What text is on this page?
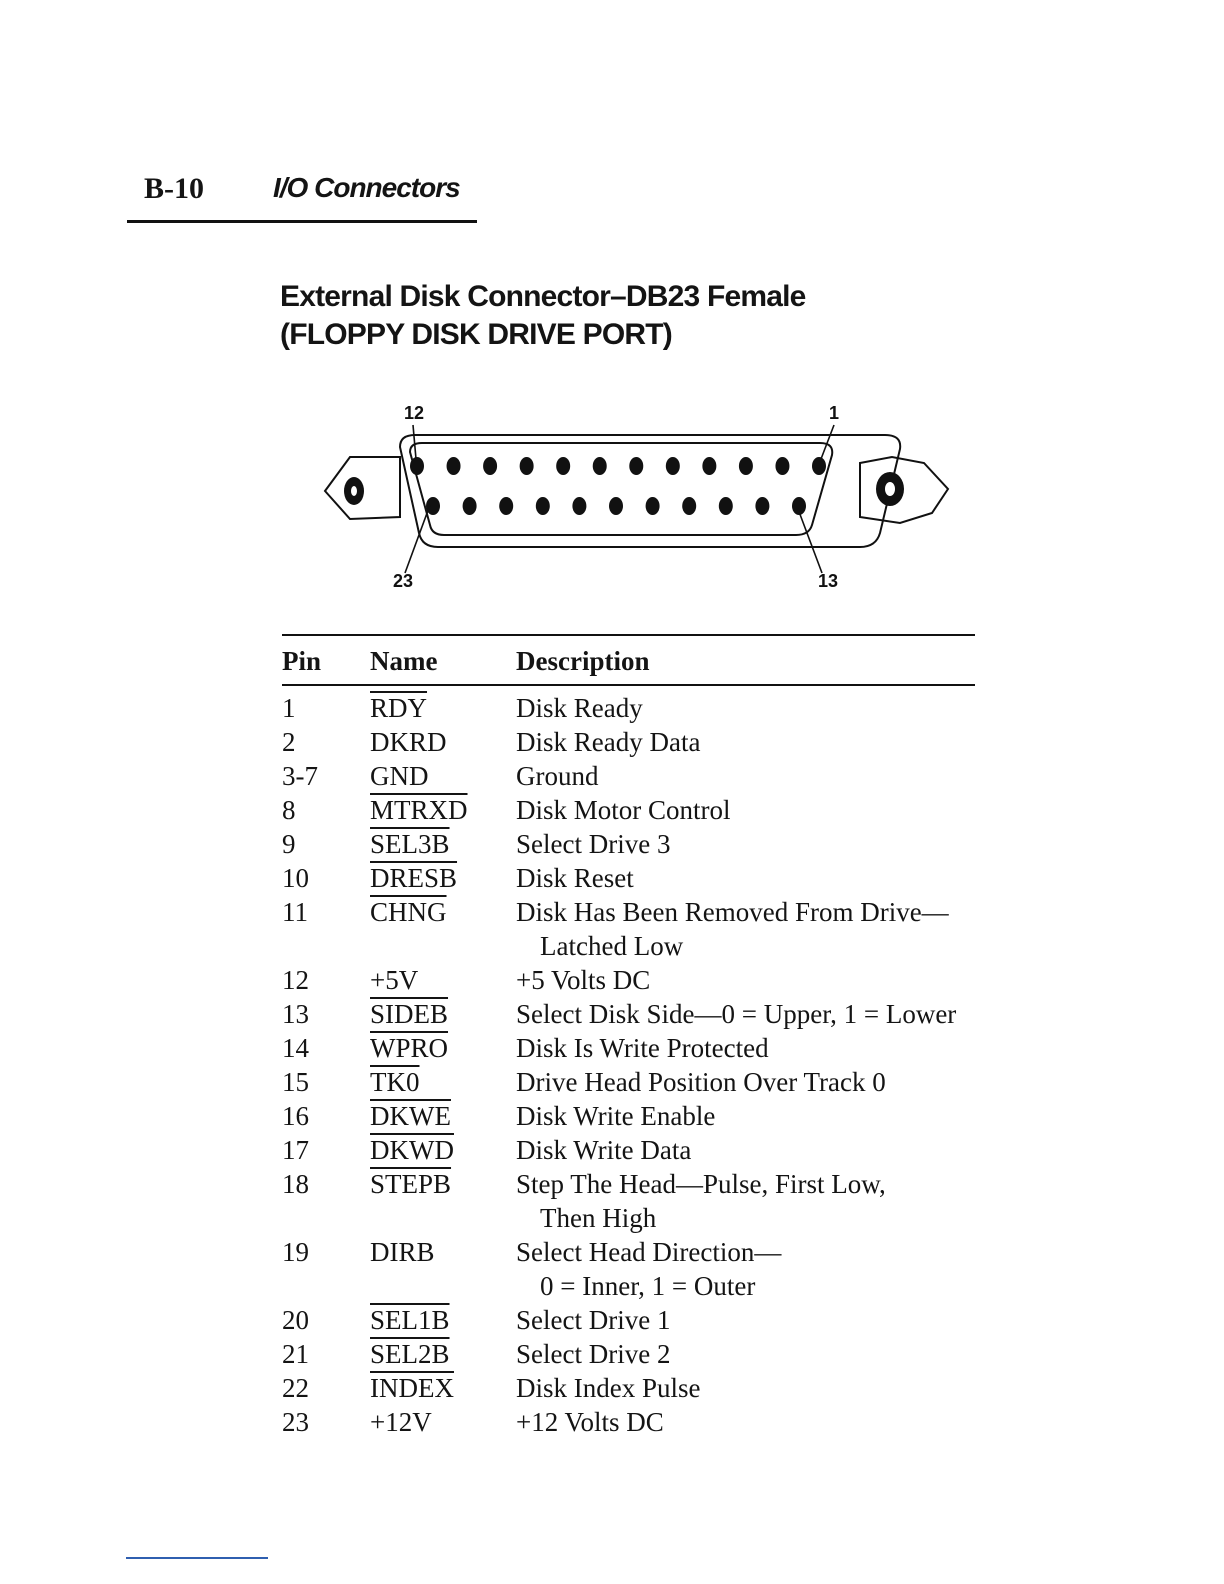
B-10 I/O Connectors
External Disk Connector–DB23 Female
(FLOPPY DISK DRIVE PORT)
12	1
23	13
Pin	Name	Description
1	$\overline{RDY}$	Disk Ready

2	DKRD	Disk Ready Data

3-7	GND	Ground

8	MTRXD	Disk Motor Control

9	SEL3B	Select Drive 3

10	DRESB	Disk Reset

11	CHNG	Disk Has Been Removed From Drive—
Latched Low

12	+5V	+5 Volts DC

13	SIDEB	Select Disk Side—0 = Upper, 1 = Lower

14	WPRO	Disk Is Write Protected

15	TK0	Drive Head Position Over Track 0

16	DKWE	Disk Write Enable

17	DKWD	Disk Write Data

18	STEPB	Step The Head—Pulse, First Low,
Then High

19	DIRB	Select Head Direction—
0 = Inner, 1 = Outer

20	SEL1B	Select Drive 1

21	SEL2B	Select Drive 2

22	INDEX	Disk Index Pulse

23	+12V	+12 Volts DC
